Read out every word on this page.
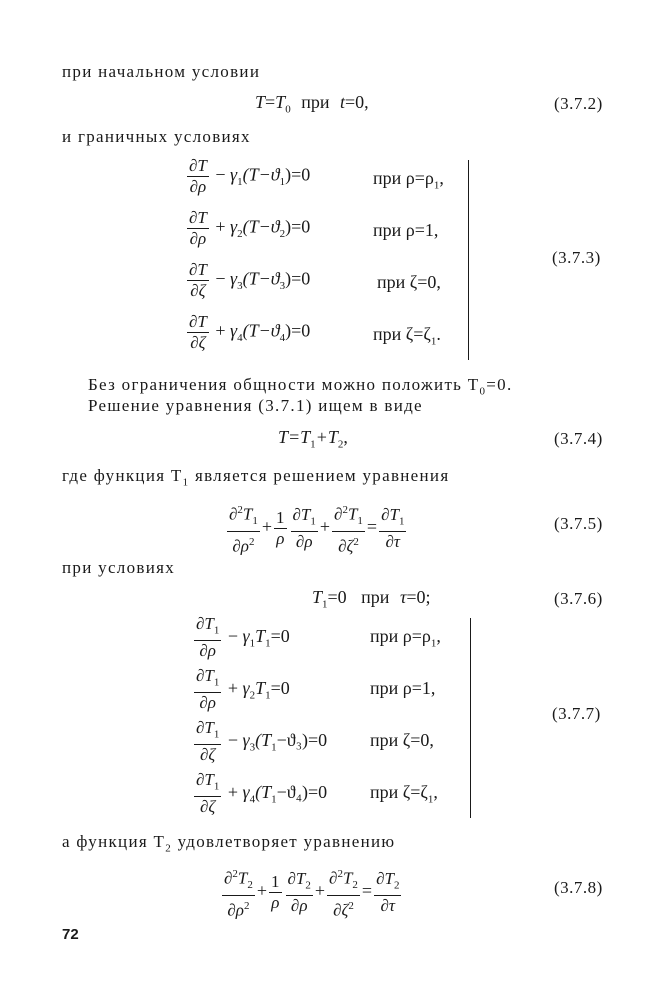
при начальном условии
$T=T_0$ при t=0,	(3.7.2)
и граничных условиях
$\frac{\partial T}{\partial\rho} - \gamma_1(T-ϑ_1)=0$	при $\rho=\rho_1$,
$\frac{\partial T}{\partial\rho} + \gamma_2(T-ϑ_2)=0$	при ρ=1,
$\frac{\partial T}{\partial\zeta} - \gamma_3(T-ϑ_3)=0$	при ζ=0,
$\frac{\partial T}{\partial\zeta} + \gamma_4(T-ϑ_4)=0$	при $\zeta=\zeta_1$.
(3.7.3)
Без ограничения общности можно положить $T_0=0$.
Решение уравнения (3.7.1) ищем в виде
$T=T_1+T_2$,	(3.7.4)
где функция $T_1$ является решением уравнения
$\frac{\partial^2T_1}{\partial\rho^2} + \frac{1}{\rho} \frac{\partial T_1}{\partial\rho} + \frac{\partial^2T_1}{\partial\zeta^2} = \frac{\partial T_1}{\partial\tau}$	(3.7.5)
при условиях
$T_1=0$ при τ=0;	(3.7.6)
$\frac{\partial T_1}{\partial\rho} - \gamma_1T_1=0$	при $\rho=\rho_1$,
$\frac{\partial T_1}{\partial\rho} + \gamma_2T_1=0$	при ρ=1,
$\frac{\partial T_1}{\partial\zeta} - \gamma_3(T_1-ϑ_3)=0$ при ζ=0,
$\frac{\partial T_1}{\partial\zeta} + \gamma_4(T_1-ϑ_4)=0$ при $\zeta=\zeta_1$,
(3.7.7)
а функция $T_2$ удовлетворяет уравнению
$\frac{\partial^2T_2}{\partial\rho^2} + \frac{1}{\rho} \frac{\partial T_2}{\partial\rho} + \frac{\partial^2T_2}{\partial\zeta^2} = \frac{\partial T_2}{\partial\tau}$	(3.7.8)
72
